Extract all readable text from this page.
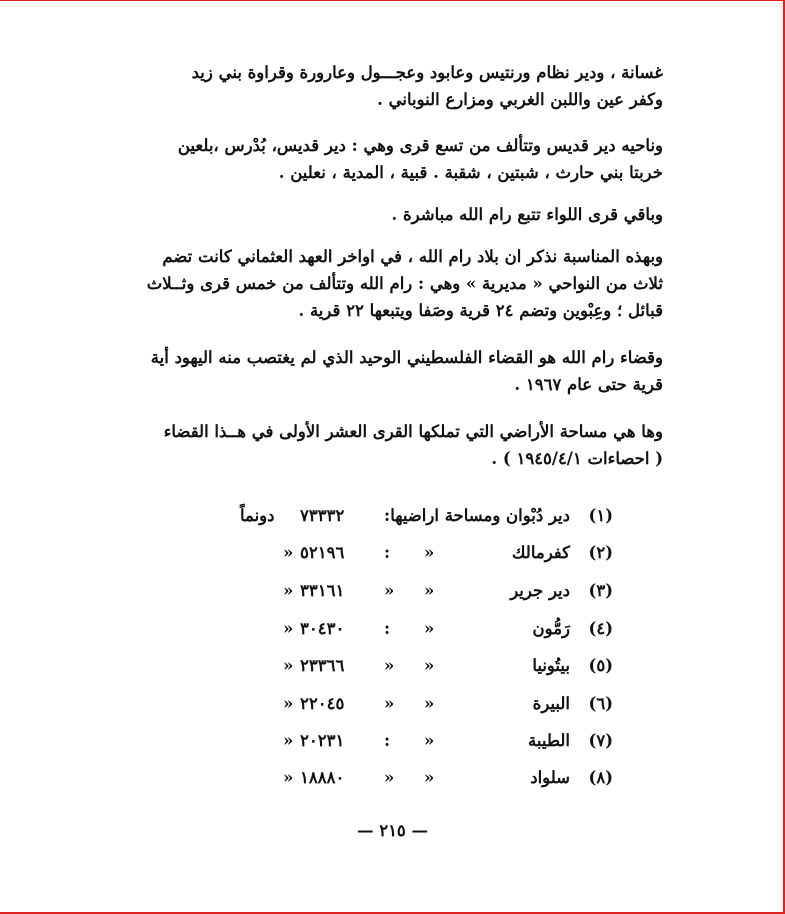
غسانة ، ودير نظام ورنتيس وعابود وعجـــول وعارورة وقراوة بني زيد
وكفر عين واللبن الغربي ومزارع النوباني .
وناحيه دير قديس وتتألف من تسع قرى وهي : دير قديس، بُدْرس ،بلعين
خربتا بني حارث ، شبتين ، شقبة . قبية ، المدية ، نعلين .
وباقي قرى اللواء تتبع رام الله مباشرة .
وبهذه المناسبة نذكر ان بلاد رام الله ، في اواخر العهد العثماني كانت تضم
ثلاث من النواحي « مديرية » وهي : رام الله وتتألف من خمس قرى وثــلاث
قبائل ؛ وعِبْوين وتضم ٢٤ قرية وصَفا ويتبعها ٢٢ قرية .
وقضاء رام الله هو القضاء الفلسطيني الوحيد الذي لم يغتصب منه اليهود أية
قرية حتى عام ١٩٦٧ .
وها هي مساحة الأراضي التي تملكها القرى العشر الأولى في هــذا القضاء
( احصاءات ١٩٤٥/٤/١ ) .
(١)
دير دُبْوان ومساحة اراضيها
:
٧٣٣٣٢
دونماً
(٢)
كفرمالك
»
:
٥٢١٩٦
»
(٣)
دير جرير
»
»
٣٣١٦١
»
(٤)
رَمُّون
»
:
٣٠٤٣٠
»
(٥)
بيتُونيا
»
»
٢٣٣٦٦
»
(٦)
البيرة
»
»
٢٢٠٤٥
»
(٧)
الطيبة
»
:
٢٠٢٣١
»
(٨)
سلواد
»
»
١٨٨٨٠
»
— ٢١٥ —
